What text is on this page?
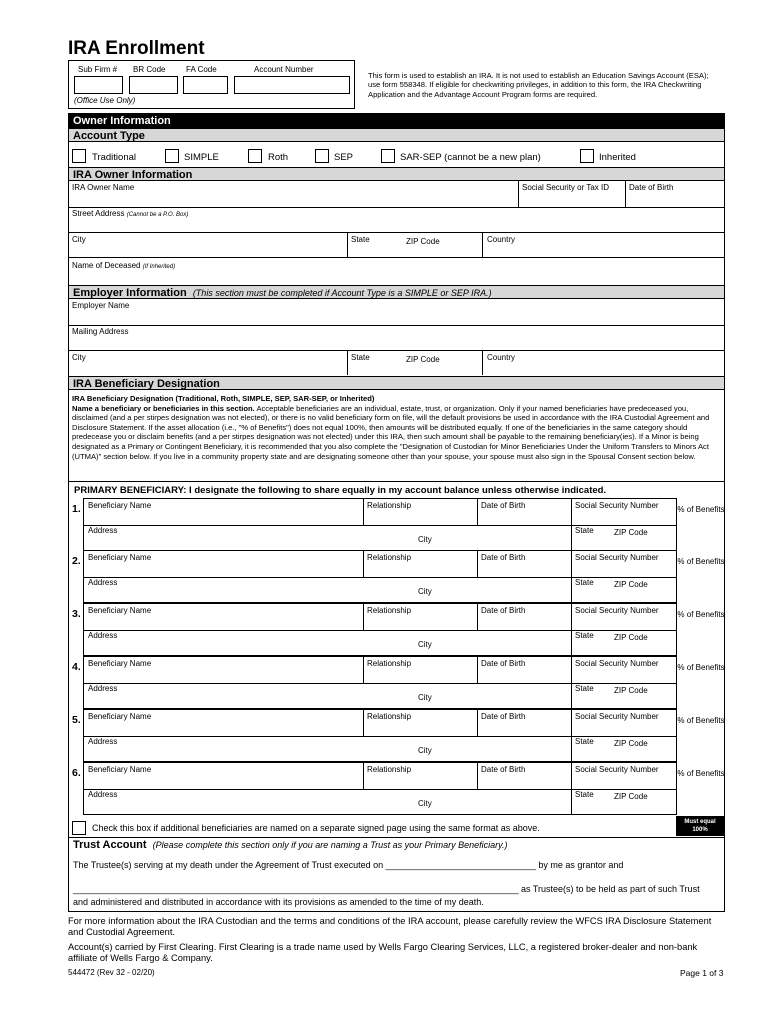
IRA Enrollment
Sub Firm # BR Code	FA Code	Account Number
(Office Use Only)
This form is used to establish an IRA. It is not used to establish an Education Savings Account (ESA); use form 558348. If eligible for checkwriting privileges, in addition to this form, the IRA Checkwriting Application and the Advantage Account Program forms are required.
Owner Information
Account Type
Traditional	SIMPLE	Roth	SEP	SAR-SEP (cannot be a new plan)	Inherited
IRA Owner Information
IRA Owner Name	Social Security or Tax ID	Date of Birth
Street Address (Cannot be a P.O. Box)
City	State	ZIP Code	Country
Name of Deceased (If Inherited)
Employer Information (This section must be completed if Account Type is a SIMPLE or SEP IRA.)
Employer Name
Mailing Address
City	State	ZIP Code	Country
IRA Beneficiary Designation
IRA Beneficiary Designation (Traditional, Roth, SIMPLE, SEP, SAR-SEP, or Inherited)
Name a beneficiary or beneficiaries in this section. Acceptable beneficiaries are an individual, estate, trust, or organization. Only if your named beneficiaries have predeceased you, disclaimed (and a per stirpes designation was not elected), or there is no valid beneficiary form on file, will the default provisions be used in accordance with the IRA Custodial Agreement and Disclosure Statement. If the asset allocation (i.e., "% of Benefits") does not equal 100%, then amounts will be distributed equally. If one of the beneficiaries in the same category should predecease you or disclaim benefits (and a per stirpes designation was not elected) under this IRA, then such amount shall be payable to the remaining beneficiary(ies). If a Minor is being designated as a Primary or Contingent Beneficiary, it is recommended that you also complete the "Designation of Custodian for Minor Beneficiaries Under the Uniform Transfers to Minors Act (UTMA)" section below. If you live in a community property state and are designating someone other than your spouse, your spouse must also sign in the Spousal Consent section below.
PRIMARY BENEFICIARY: I designate the following to share equally in my account balance unless otherwise indicated.
1. Beneficiary Name	Relationship	Date of Birth	Social Security Number
Address
City
State	ZIP Code
% of Benefits
2. Beneficiary Name	Relationship	Date of Birth	Social Security Number
Address
City
State	ZIP Code
% of Benefits
3. Beneficiary Name	Relationship	Date of Birth	Social Security Number
Address
City
State	ZIP Code
% of Benefits
4. Beneficiary Name	Relationship	Date of Birth	Social Security Number
Address
City
State	ZIP Code
% of Benefits
5. Beneficiary Name	Relationship	Date of Birth	Social Security Number
Address
City
State	ZIP Code
% of Benefits
6. Beneficiary Name	Relationship	Date of Birth	Social Security Number
Address
City
State	ZIP Code
% of Benefits
Check this box if additional beneficiaries are named on a separate signed page using the same format as above.
Must equal 100%
Trust Account (Please complete this section only if you are naming a Trust as your Primary Beneficiary.)
The Trustee(s) serving at my death under the Agreement of Trust executed on ______________________________ by me as grantor and
_________________________________________________________________________________________ as Trustee(s) to be held as part of such Trust
and administered and distributed in accordance with its provisions as amended to the time of my death.
For more information about the IRA Custodian and the terms and conditions of the IRA account, please carefully review the WFCS IRA Disclosure Statement and Custodial Agreement.
Account(s) carried by First Clearing. First Clearing is a trade name used by Wells Fargo Clearing Services, LLC, a registered broker-dealer and non-bank affiliate of Wells Fargo & Company.
544472 (Rev 32 - 02/20)	Page 1 of 3
